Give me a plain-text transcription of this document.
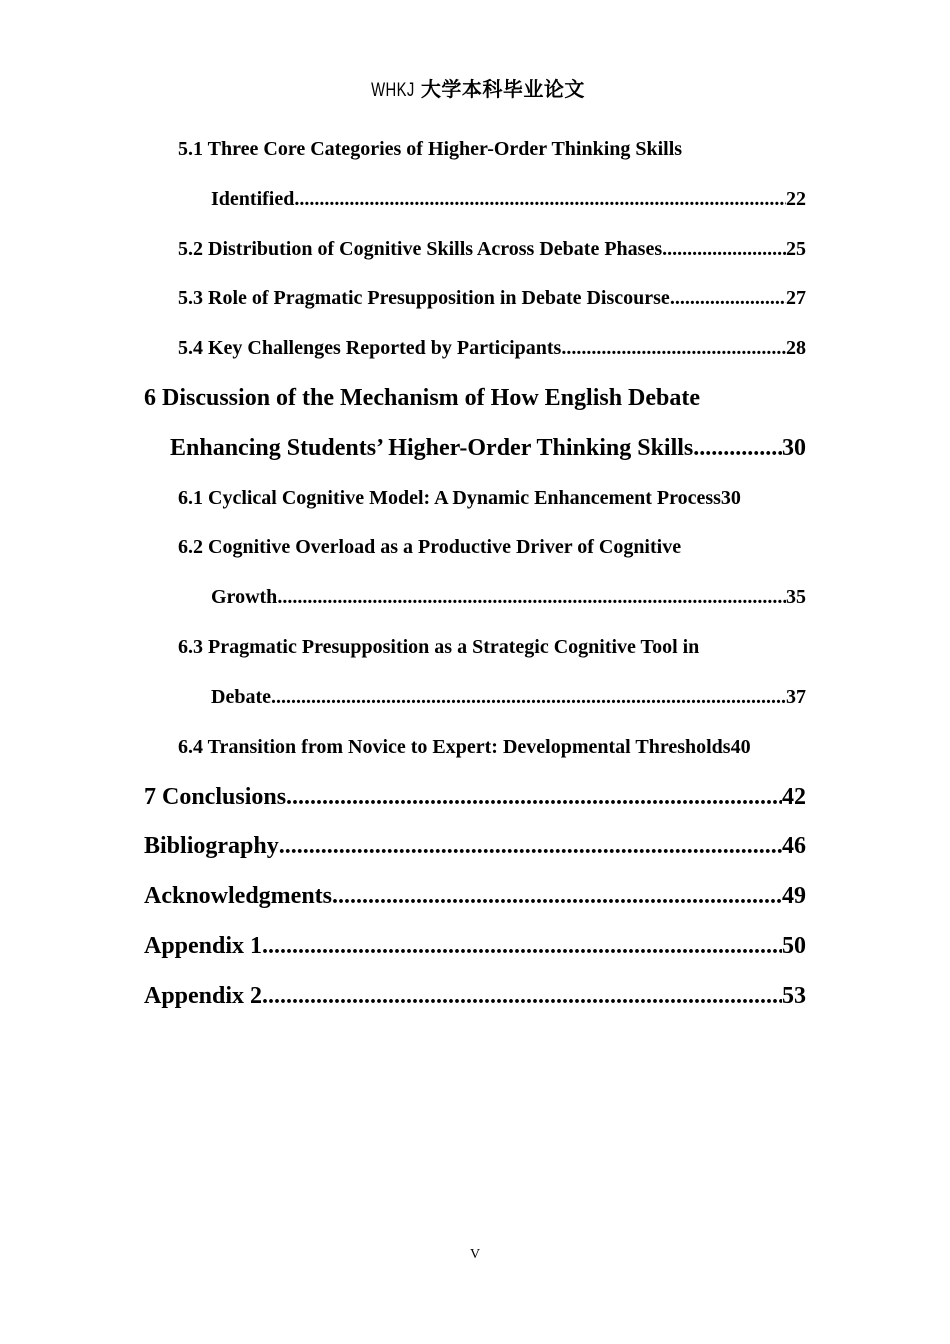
WHKJ 大学本科毕业论文
5.1 Three Core Categories of Higher-Order Thinking Skills
Identified .....	22
5.2 Distribution of Cognitive Skills Across Debate Phases .....	25
5.3 Role of Pragmatic Presupposition in Debate Discourse .....	27
5.4 Key Challenges Reported by Participants .....	28
6 Discussion of the Mechanism of How English Debate
Enhancing Students’ Higher-Order Thinking Skills .....	30
6.1 Cyclical Cognitive Model: A Dynamic Enhancement Process 30
6.2 Cognitive Overload as a Productive Driver of Cognitive
Growth .....	35
6.3 Pragmatic Presupposition as a Strategic Cognitive Tool in
Debate .....	37
6.4 Transition from Novice to Expert: Developmental Thresholds 40
7 Conclusions .....	42
Bibliography .....	46
Acknowledgments .....	49
Appendix 1 .....	50
Appendix 2 .....	53
V
